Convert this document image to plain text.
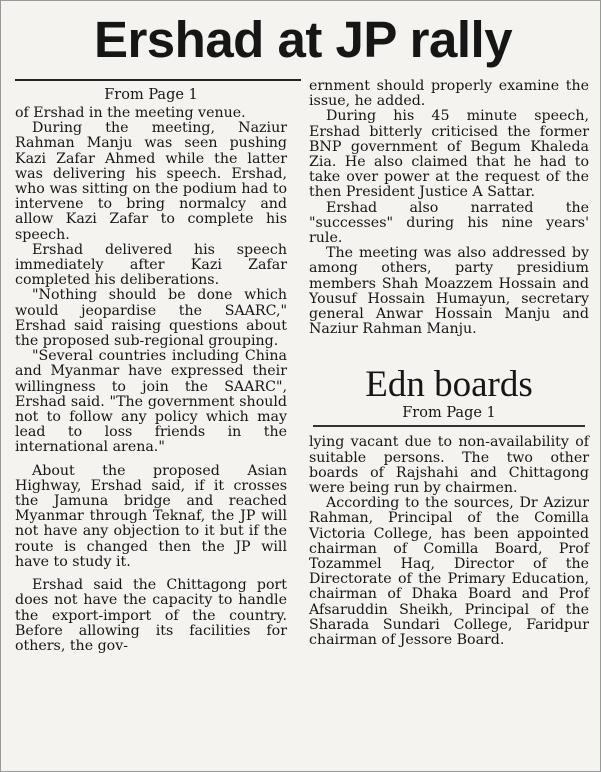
Ershad at JP rally
From Page 1

of Ershad in the meeting venue.

During the meeting, Naziur Rahman Manju was seen pushing Kazi Zafar Ahmed while the latter was delivering his speech. Ershad, who was sitting on the podium had to intervene to bring normalcy and allow Kazi Zafar to complete his speech.

Ershad delivered his speech immediately after Kazi Zafar completed his deliberations.

"Nothing should be done which would jeopardise the SAARC," Ershad said raising questions about the proposed sub-regional grouping.

"Several countries including China and Myanmar have expressed their willingness to join the SAARC", Ershad said. "The government should not to follow any policy which may lead to loss friends in the international arena."

About the proposed Asian Highway, Ershad said, if it crosses the Jamuna bridge and reached Myanmar through Teknaf, the JP will not have any objection to it but if the route is changed then the JP will have to study it.

Ershad said the Chittagong port does not have the capacity to handle the export-import of the country. Before allowing its facilities for others, the gov-

ernment should properly examine the issue, he added.

During his 45 minute speech, Ershad bitterly criticised the former BNP government of Begum Khaleda Zia. He also claimed that he had to take over power at the request of the then President Justice A Sattar.

Ershad also narrated the "successes" during his nine years' rule.

The meeting was also addressed by among others, party presidium members Shah Moazzem Hossain and Yousuf Hossain Humayun, secretary general Anwar Hossain Manju and Naziur Rahman Manju.

Edn boards
From Page 1

lying vacant due to non-availability of suitable persons. The two other boards of Rajshahi and Chittagong were being run by chairmen.

According to the sources, Dr Azizur Rahman, Principal of the Comilla Victoria College, has been appointed chairman of Comilla Board, Prof Tozammel Haq, Director of the Directorate of the Primary Education, chairman of Dhaka Board and Prof Afsaruddin Sheikh, Principal of the Sharada Sundari College, Faridpur chairman of Jessore Board.
